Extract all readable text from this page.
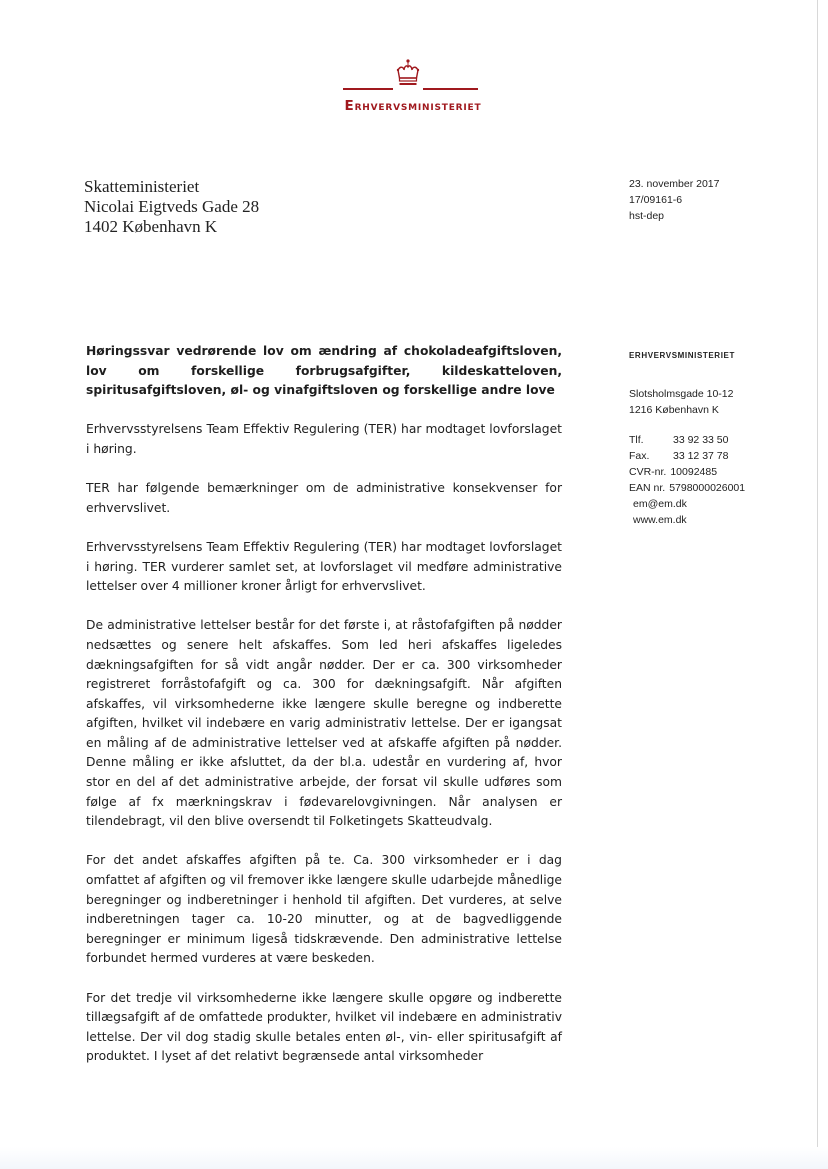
Erhvervsministeriet
Skatteministeriet
Nicolai Eigtveds Gade 28
1402 København K
23. november 2017
17/09161-6
hst-dep
ERHVERVSMINISTERIET
Slotsholmsgade 10-12
1216 København K
Tlf.	33 92 33 50
Fax.	33 12 37 78
CVR-nr. 10092485
EAN nr. 5798000026001
em@em.dk
www.em.dk
Høringssvar vedrørende lov om ændring af chokoladeafgiftsloven, lov om forskellige forbrugsafgifter, kildeskatteloven, spiritusafgiftsloven, øl- og vinafgiftsloven og forskellige andre love

Erhvervsstyrelsens Team Effektiv Regulering (TER) har modtaget lovforslaget i høring.

TER har følgende bemærkninger om de administrative konsekvenser for erhvervslivet.

Erhvervsstyrelsens Team Effektiv Regulering (TER) har modtaget lovforslaget i høring. TER vurderer samlet set, at lovforslaget vil medføre administrative lettelser over 4 millioner kroner årligt for erhvervslivet.

De administrative lettelser består for det første i, at råstofafgiften på nødder nedsættes og senere helt afskaffes. Som led heri afskaffes ligeledes dækningsafgiften for så vidt angår nødder. Der er ca. 300 virksomheder registreret forråstofafgift og ca. 300 for dækningsafgift. Når afgiften afskaffes, vil virksomhederne ikke længere skulle beregne og indberette afgiften, hvilket vil indebære en varig administrativ lettelse. Der er igangsat en måling af de administrative lettelser ved at afskaffe afgiften på nødder. Denne måling er ikke afsluttet, da der bl.a. udestår en vurdering af, hvor stor en del af det administrative arbejde, der forsat vil skulle udføres som følge af fx mærkningskrav i fødevarelovgivningen. Når analysen er tilendebragt, vil den blive oversendt til Folketingets Skatteudvalg.

For det andet afskaffes afgiften på te. Ca. 300 virksomheder er i dag omfattet af afgiften og vil fremover ikke længere skulle udarbejde månedlige beregninger og indberetninger i henhold til afgiften. Det vurderes, at selve indberetningen tager ca. 10-20 minutter, og at de bagvedliggende beregninger er minimum ligeså tidskrævende. Den administrative lettelse forbundet hermed vurderes at være beskeden.

For det tredje vil virksomhederne ikke længere skulle opgøre og indberette tillægsafgift af de omfattede produkter, hvilket vil indebære en administrativ lettelse. Der vil dog stadig skulle betales enten øl-, vin- eller spiritusafgift af produktet. I lyset af det relativt begrænsede antal virksomheder
